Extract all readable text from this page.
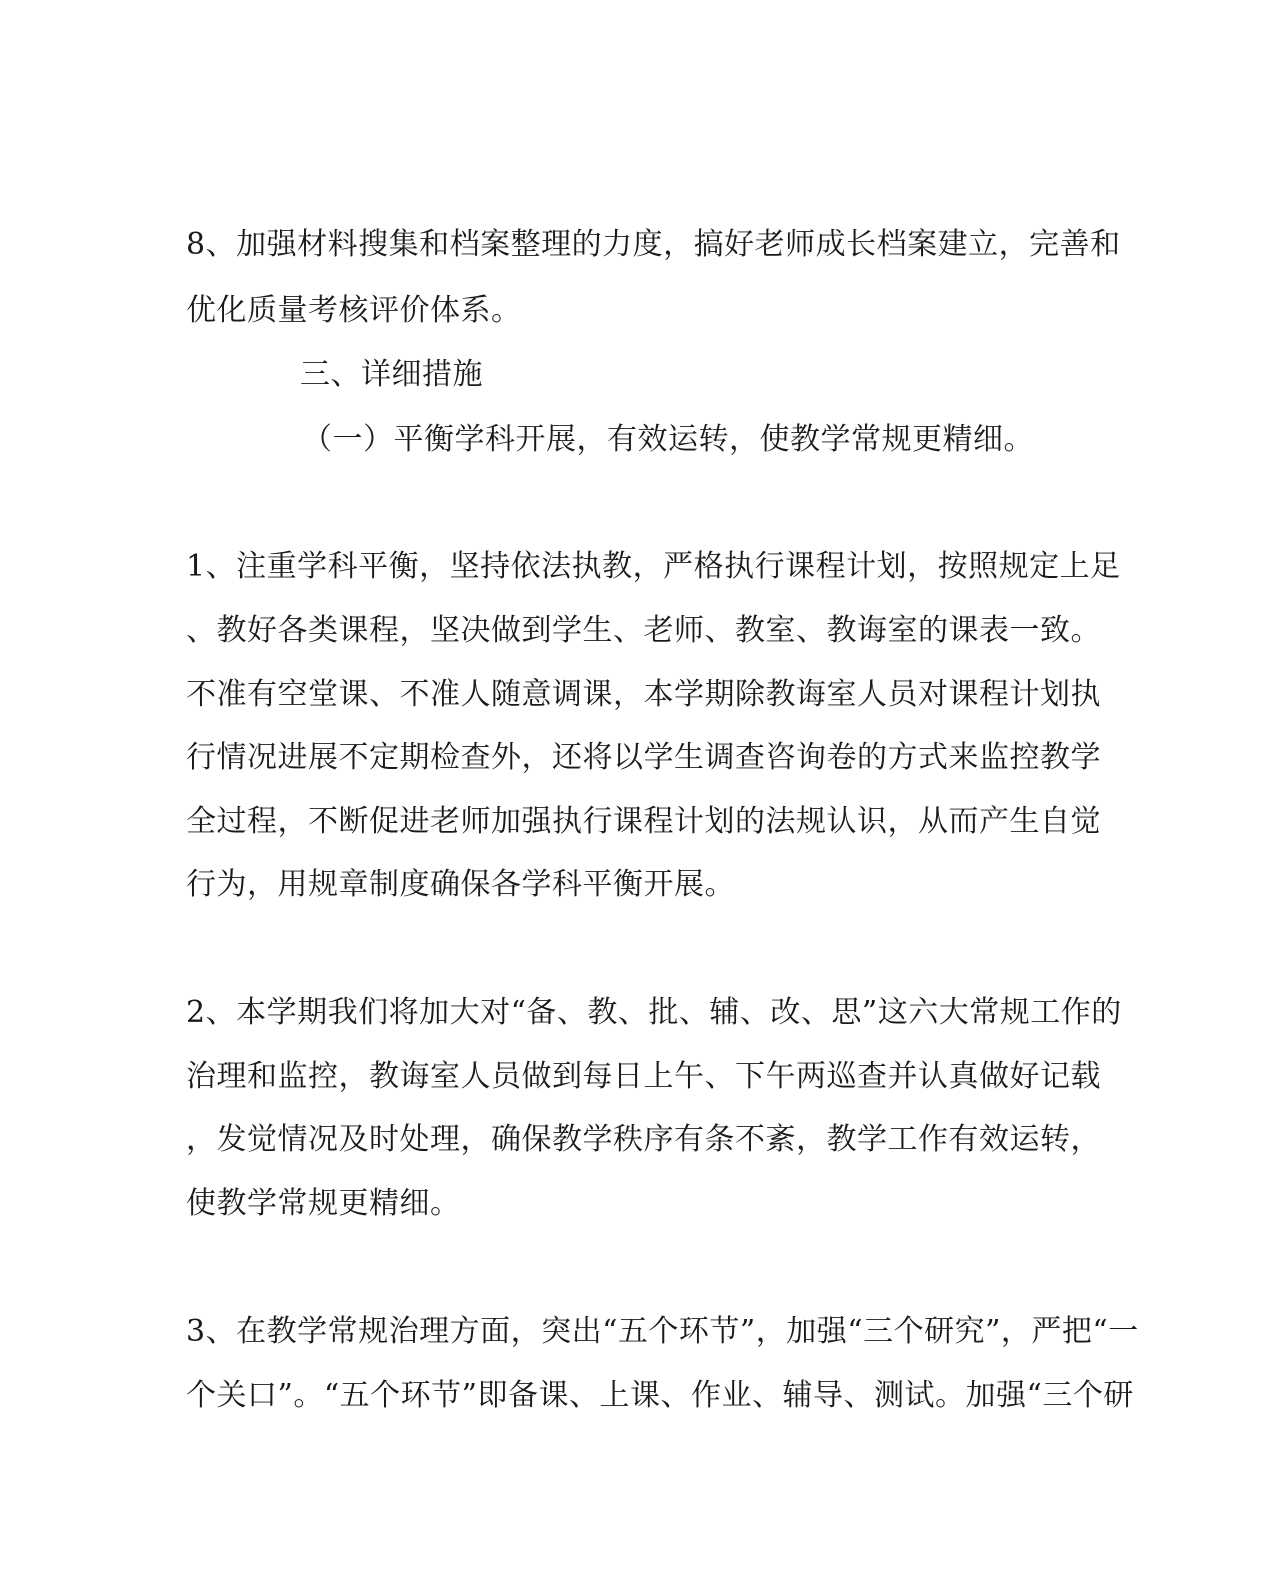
8、加强材料搜集和档案整理的力度，搞好老师成长档案建立，完善和
优化质量考核评价体系。
三、详细措施
（一）平衡学科开展，有效运转，使教学常规更精细。
1、注重学科平衡，坚持依法执教，严格执行课程计划，按照规定上足
、教好各类课程，坚决做到学生、老师、教室、教诲室的课表一致。
不准有空堂课、不准人随意调课，本学期除教诲室人员对课程计划执
行情况进展不定期检查外，还将以学生调查咨询卷的方式来监控教学
全过程，不断促进老师加强执行课程计划的法规认识，从而产生自觉
行为，用规章制度确保各学科平衡开展。
2、本学期我们将加大对“备、教、批、辅、改、思”这六大常规工作的
治理和监控，教诲室人员做到每日上午、下午两巡查并认真做好记载
，发觉情况及时处理，确保教学秩序有条不紊，教学工作有效运转，
使教学常规更精细。
3、在教学常规治理方面，突出“五个环节”，加强“三个研究”，严把“一
个关口”。“五个环节”即备课、上课、作业、辅导、测试。加强“三个研
